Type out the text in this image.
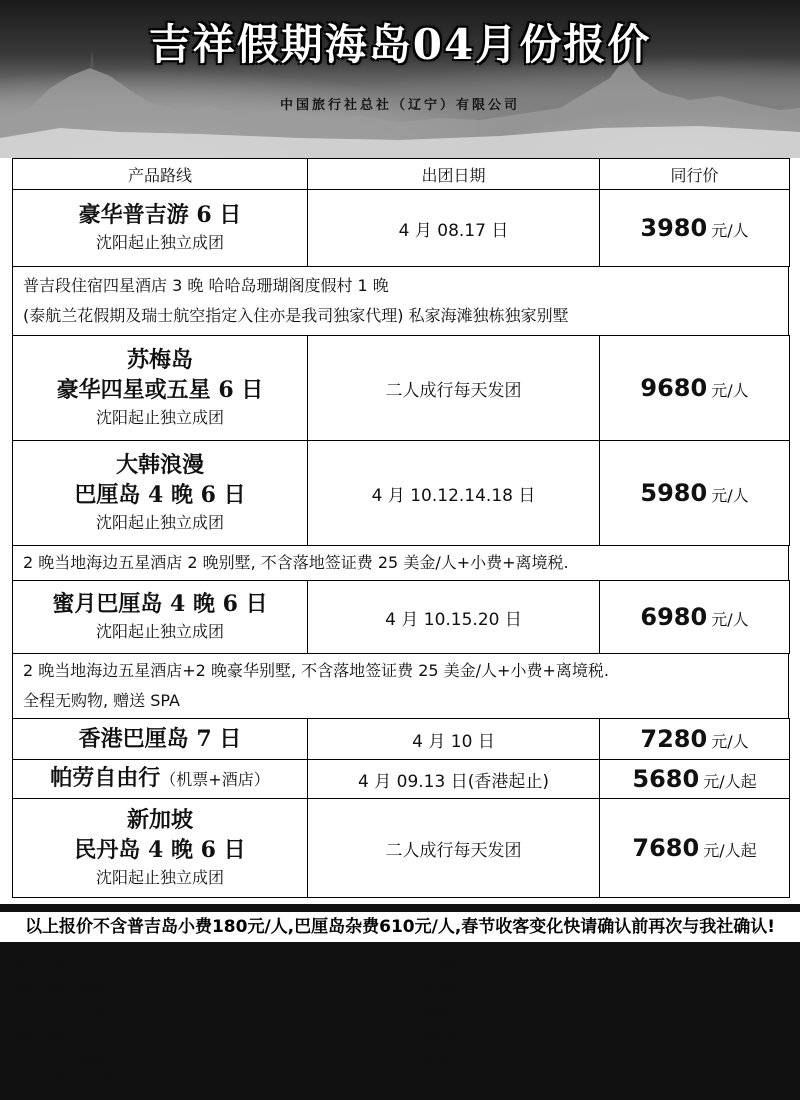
吉祥假期海岛04月份报价
中国旅行社总社（辽宁）有限公司
产品路线	出团日期	同行价
豪华普吉游 6 日
沈阳起止独立成团
4 月 08.17 日	3980 元/人
普吉段住宿四星酒店 3 晚 哈哈岛珊瑚阁度假村 1 晚
(泰航兰花假期及瑞士航空指定入住亦是我司独家代理) 私家海滩独栋独家别墅
苏梅岛
豪华四星或五星 6 日
沈阳起止独立成团
二人成行每天发团	9680 元/人
大韩浪漫
巴厘岛 4 晚 6 日
沈阳起止独立成团
4 月 10.12.14.18 日	5980 元/人
2 晚当地海边五星酒店 2 晚别墅, 不含落地签证费 25 美金/人+小费+离境税.
蜜月巴厘岛 4 晚 6 日
沈阳起止独立成团
4 月 10.15.20 日	6980 元/人
2 晚当地海边五星酒店+2 晚豪华别墅, 不含落地签证费 25 美金/人+小费+离境税.
全程无购物, 赠送 SPA
香港巴厘岛 7 日	4 月 10 日	7280 元/人
帕劳自由行（机票+酒店）	4 月 09.13 日(香港起止)	5680 元/人起
新加坡
民丹岛 4 晚 6 日
沈阳起止独立成团
二人成行每天发团	7680 元/人起
以上报价不含普吉岛小费180元/人,巴厘岛杂费610元/人,春节收客变化快请确认前再次与我社确认!
东南亚线: 王蕾024-22504466 Q:494243570 13904046725
大韩024-22504488 Q:877858317	15802466128
港澳线路: 李卿024-22504499 Q:20379274	13998800980
婷婷024-22504466 Q:1208886327 15940111993
苡西024-62871250 Q:985523264 13940027875
春晖024-62871260 Q:1021041991 15004048864
海岛线路: 乐乐024-22504488 Q:593610988 18842528921
桂圆024-22504488 Q:570283918	13555827575
婷婷024-22504466 Q:1208886327
15940111993
多金024-22504488 Q:963599462	13309816321
公司负责人:高芳林024-22520477 13066615777
